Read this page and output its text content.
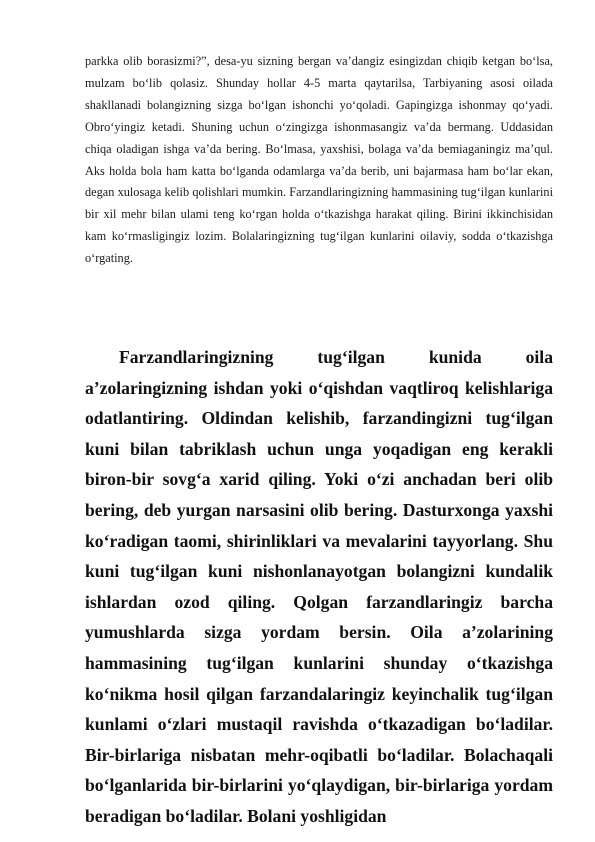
parkka olib borasizmi?”, desa-yu sizning bergan va’dangiz esingizdan chiqib ketgan bo‘lsa, mulzam bo‘lib qolasiz. Shunday hollar 4-5 marta qaytarilsa, Tarbiyaning asosi oilada shakllanadi bolangizning sizga bo‘lgan ishonchi yo‘qoladi. Gapingizga ishonmay qo‘yadi. Obro‘yingiz ketadi. Shuning uchun o‘zingizga ishonmasangiz va’da bermang. Uddasidan chiqa oladigan ishga va’da bering. Bo‘lmasa, yaxshisi, bolaga va’da bemiaganingiz ma’qul. Aks holda bola ham katta bo‘lganda odamlarga va’da berib, uni bajarmasa ham bo‘lar ekan, degan xulosaga kelib qolishlari mumkin. Farzandlaringizning hammasining tug‘ilgan kunlarini bir xil mehr bilan ulami teng ko‘rgan holda o‘tkazishga harakat qiling. Birini ikkinchisidan kam ko‘rmasligingiz lozim. Bolalaringizning tug‘ilgan kunlarini oilaviy, sodda o‘tkazishga o‘rgating.

Farzandlaringizning tug‘ilgan kunida oila a’zolaringizning ishdan yoki o‘qishdan vaqtliroq kelishlariga odatlantiring. Oldindan kelishib, farzandingizni tug‘ilgan kuni bilan tabriklash uchun unga yoqadigan eng kerakli biron-bir sovg‘a xarid qiling. Yoki o‘zi anchadan beri olib bering, deb yurgan narsasini olib bering. Dasturxonga yaxshi ko‘radigan taomi, shirinliklari va mevalarini tayyorlang. Shu kuni tug‘ilgan kuni nishonlanayotgan bolangizni kundalik ishlardan ozod qiling. Qolgan farzandlaringiz barcha yumushlarda sizga yordam bersin. Oila a’zolarining hammasining tug‘ilgan kunlarini shunday o‘tkazishga ko‘nikma hosil qilgan farzandalaringiz keyinchalik tug‘ilgan kunlami o‘zlari mustaqil ravishda o‘tkazadigan bo‘ladilar. Bir-birlariga nisbatan mehr-oqibatli bo‘ladilar. Bolachaqali bo‘lganlarida bir-birlarini yo‘qlaydigan, bir-birlariga yordam beradigan bo‘ladilar. Bolani yoshligidan
